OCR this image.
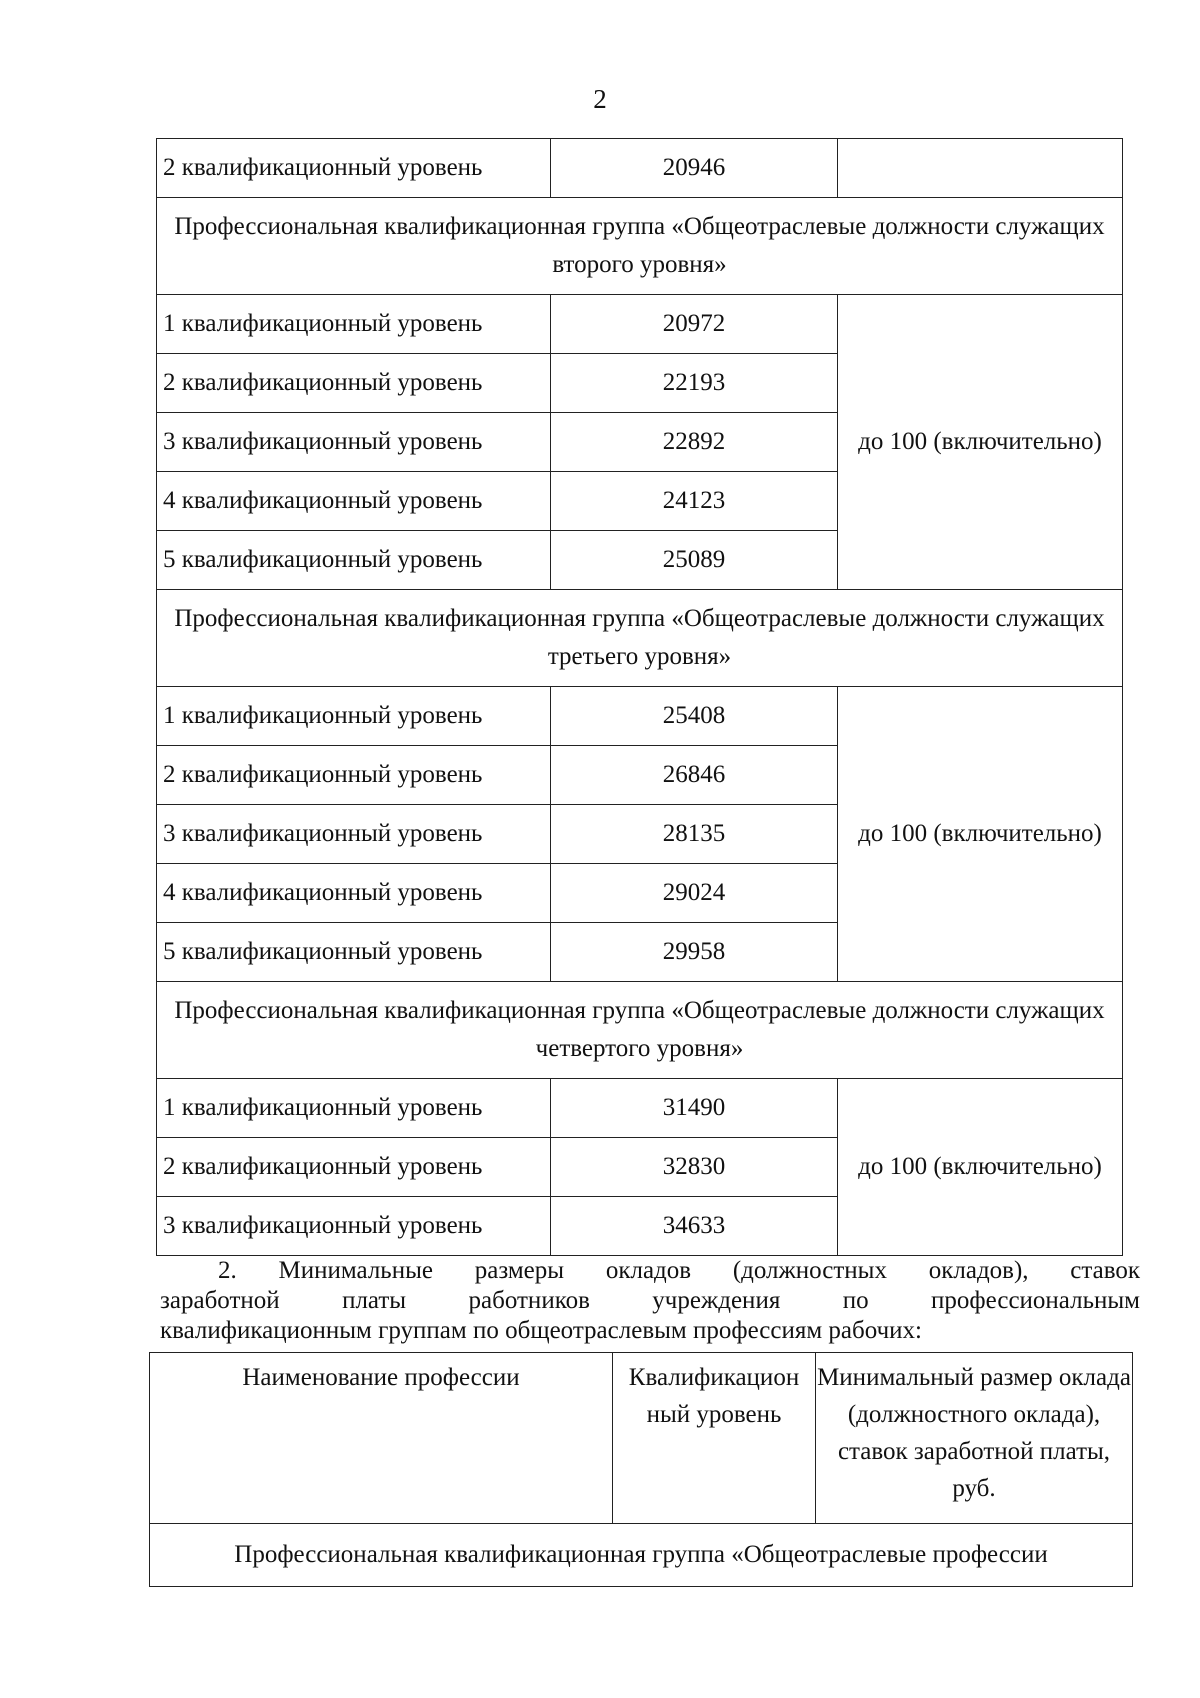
2
2 квалификационный уровень	20946	
Профессиональная квалификационная группа «Общеотраслевые должности служащих второго уровня»		
1 квалификационный уровень	20972	до 100 (включительно)
2 квалификационный уровень	22193	
3 квалификационный уровень	22892	
4 квалификационный уровень	24123	
5 квалификационный уровень	25089	
Профессиональная квалификационная группа «Общеотраслевые должности служащих третьего уровня»		
1 квалификационный уровень	25408	до 100 (включительно)
2 квалификационный уровень	26846	
3 квалификационный уровень	28135	
4 квалификационный уровень	29024	
5 квалификационный уровень	29958	
Профессиональная квалификационная группа «Общеотраслевые должности служащих четвертого уровня»		
1 квалификационный уровень	31490	до 100 (включительно)
2 квалификационный уровень	32830	
3 квалификационный уровень	34633	
2. Минимальные размеры окладов (должностных окладов), ставок
заработной платы работников учреждения по профессиональным
квалификационным группам по общеотраслевым профессиям рабочих:
Наименование профессии	Квалификацион ный уровень	Минимальный размер оклада (должностного оклада), ставок заработной платы, руб.
Профессиональная квалификационная группа «Общеотраслевые профессии
